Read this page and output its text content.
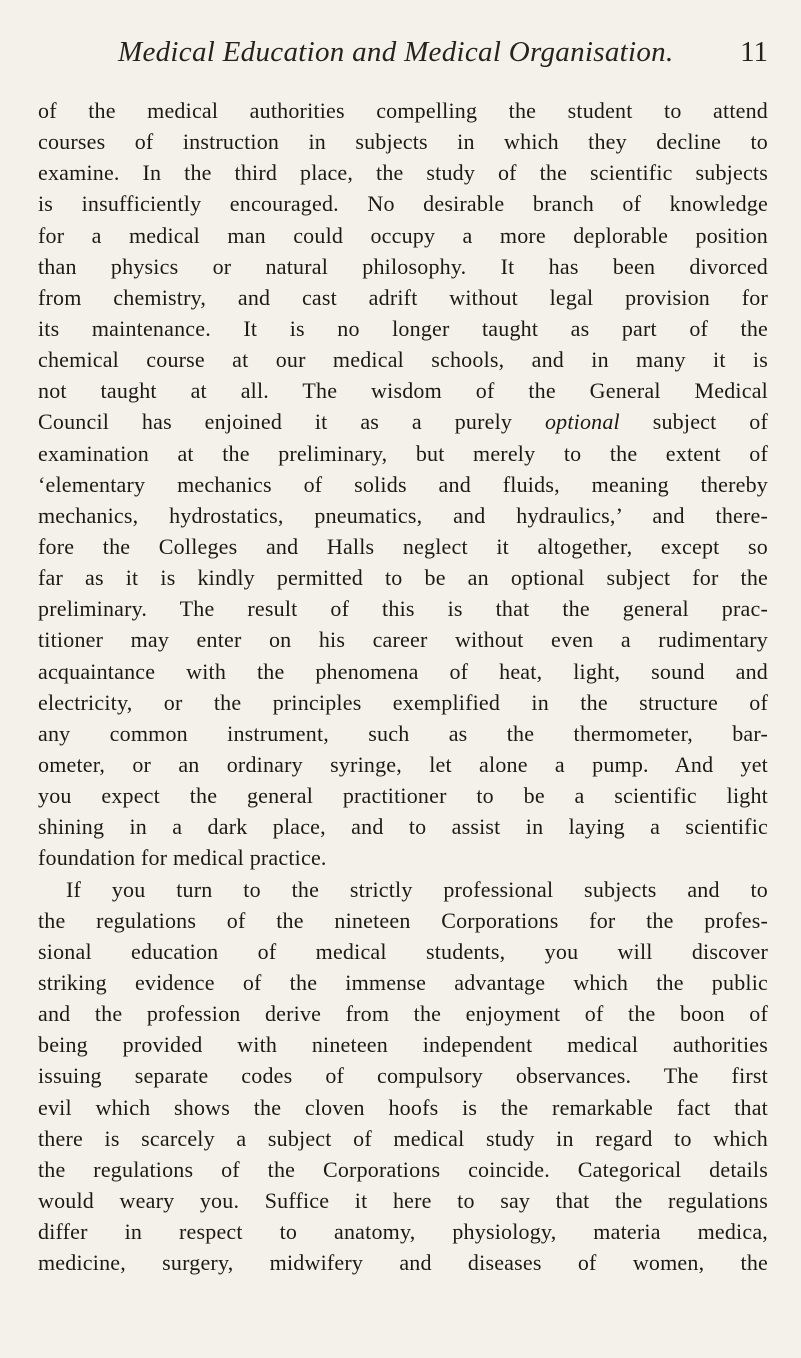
Medical Education and Medical Organisation. 11
of the medical authorities compelling the student to attend
courses of instruction in subjects in which they decline to
examine. In the third place, the study of the scientific subjects
is insufficiently encouraged. No desirable branch of knowledge
for a medical man could occupy a more deplorable position
than physics or natural philosophy. It has been divorced
from chemistry, and cast adrift without legal provision for
its maintenance. It is no longer taught as part of the
chemical course at our medical schools, and in many it is
not taught at all. The wisdom of the General Medical
Council has enjoined it as a purely optional subject of
examination at the preliminary, but merely to the extent of
‘elementary mechanics of solids and fluids, meaning thereby
mechanics, hydrostatics, pneumatics, and hydraulics,’ and there-
fore the Colleges and Halls neglect it altogether, except so
far as it is kindly permitted to be an optional subject for the
preliminary. The result of this is that the general prac-
titioner may enter on his career without even a rudimentary
acquaintance with the phenomena of heat, light, sound and
electricity, or the principles exemplified in the structure of
any common instrument, such as the thermometer, bar-
ometer, or an ordinary syringe, let alone a pump. And yet
you expect the general practitioner to be a scientific light
shining in a dark place, and to assist in laying a scientific
foundation for medical practice.
If you turn to the strictly professional subjects and to
the regulations of the nineteen Corporations for the profes-
sional education of medical students, you will discover
striking evidence of the immense advantage which the public
and the profession derive from the enjoyment of the boon of
being provided with nineteen independent medical authorities
issuing separate codes of compulsory observances. The first
evil which shows the cloven hoofs is the remarkable fact that
there is scarcely a subject of medical study in regard to which
the regulations of the Corporations coincide. Categorical details
would weary you. Suffice it here to say that the regulations
differ in respect to anatomy, physiology, materia medica,
medicine, surgery, midwifery and diseases of women, the
